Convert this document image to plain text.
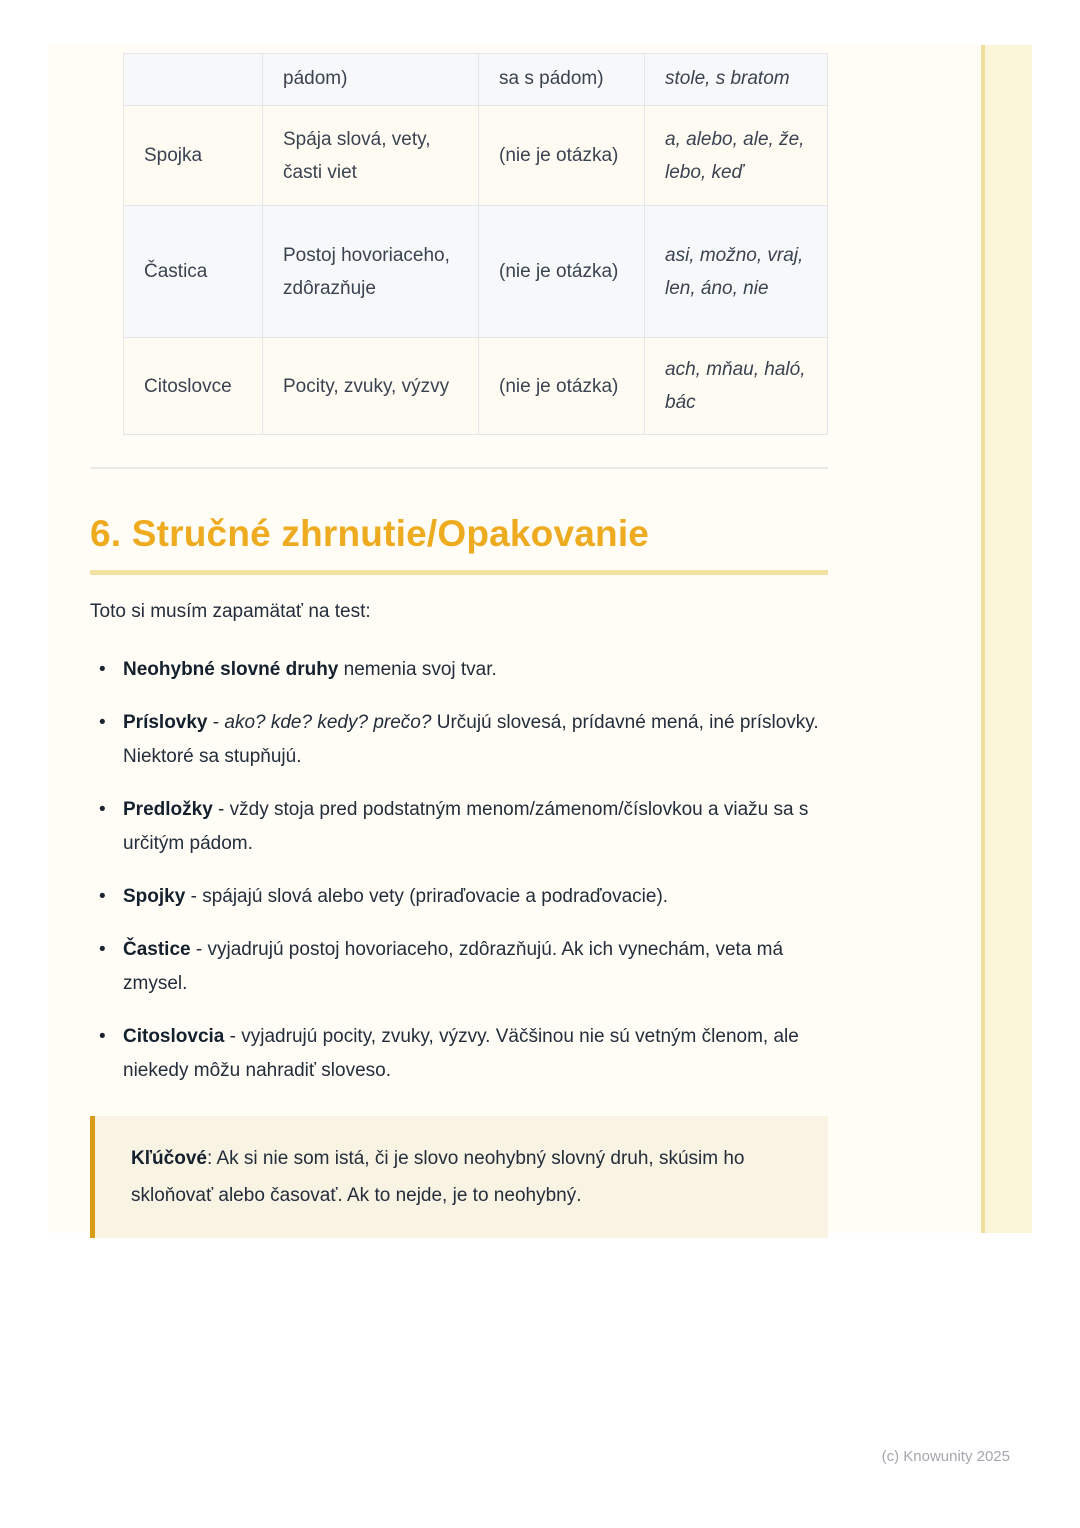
	pádom)	sa s pádom)	stole, s bratom
Spojka	Spája slová, vety, časti viet	(nie je otázka)	a, alebo, ale, že, lebo, keď
Častica	Postoj hovoriaceho, zdôrazňuje	(nie je otázka)	asi, možno, vraj, len, áno, nie
Citoslovce	Pocity, zvuky, výzvy	(nie je otázka)	ach, mňau, haló, bác
6. Stručné zhrnutie/Opakovanie

Toto si musím zapamätať na test:

• Neohybné slovné druhy nemenia svoj tvar.
• Príslovky - ako? kde? kedy? prečo? Určujú slovesá, prídavné mená, iné príslovky. Niektoré sa stupňujú.
• Predložky - vždy stoja pred podstatným menom/zámenom/číslovkou a viažu sa s určitým pádom.
• Spojky - spájajú slová alebo vety (priraďovacie a podraďovacie).
• Častice - vyjadrujú postoj hovoriaceho, zdôrazňujú. Ak ich vynechám, veta má zmysel.
• Citoslovcia - vyjadrujú pocity, zvuky, výzvy. Väčšinou nie sú vetným členom, ale niekedy môžu nahradiť sloveso.
Kľúčové: Ak si nie som istá, či je slovo neohybný slovný druh, skúsim ho skloňovať alebo časovať. Ak to nejde, je to neohybný.
(c) Knowunity 2025
